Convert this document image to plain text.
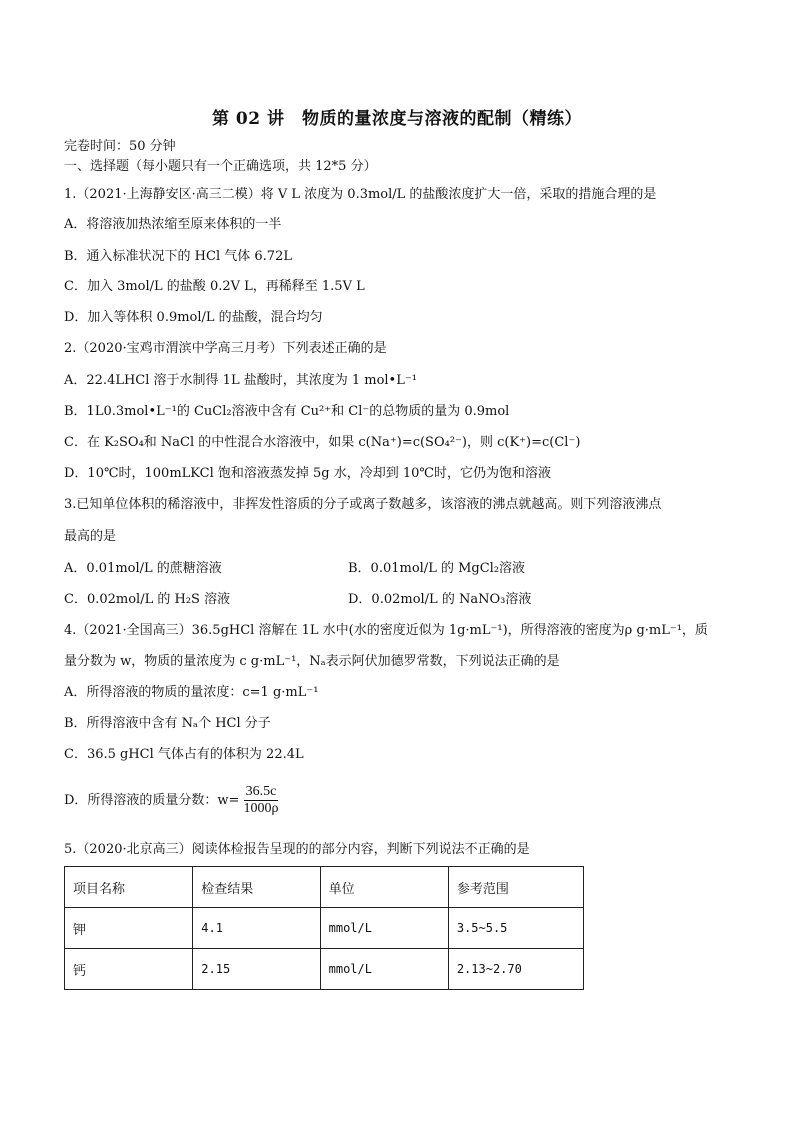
第 02 讲　物质的量浓度与溶液的配制（精练）
完卷时间：50 分钟
一、选择题（每小题只有一个正确选项，共 12*5 分）
1.（2021·上海静安区·高三二模）将 V L 浓度为 0.3mol/L 的盐酸浓度扩大一倍，采取的措施合理的是
A．将溶液加热浓缩至原来体积的一半
B．通入标准状况下的 HCl 气体 6.72L
C．加入 3mol/L 的盐酸 0.2V L，再稀释至 1.5V L
D．加入等体积 0.9mol/L 的盐酸，混合均匀
2.（2020·宝鸡市渭滨中学高三月考）下列表述正确的是
A．22.4LHCl 溶于水制得 1L 盐酸时，其浓度为 1 mol•L⁻¹
B．1L0.3mol•L⁻¹的 CuCl₂溶液中含有 Cu²⁺和 Cl⁻的总物质的量为 0.9mol
C．在 K₂SO₄和 NaCl 的中性混合水溶液中，如果 c(Na⁺)=c(SO₄²⁻)，则 c(K⁺)=c(Cl⁻)
D．10℃时，100mLKCl 饱和溶液蒸发掉 5g 水，冷却到 10℃时，它仍为饱和溶液
3.已知单位体积的稀溶液中，非挥发性溶质的分子或离子数越多，该溶液的沸点就越高。则下列溶液沸点
最高的是
A．0.01mol/L 的蔗糖溶液	B．0.01mol/L 的 MgCl₂溶液
C．0.02mol/L 的 H₂S 溶液	D．0.02mol/L 的 NaNO₃溶液
4.（2021·全国高三）36.5gHCl 溶解在 1L 水中(水的密度近似为 1g·mL⁻¹)，所得溶液的密度为ρ g·mL⁻¹，质
量分数为 w，物质的量浓度为 c g·mL⁻¹，Nₐ表示阿伏加德罗常数，下列说法正确的是
A．所得溶液的物质的量浓度：c=1 g·mL⁻¹
B．所得溶液中含有 Nₐ个 HCl 分子
C．36.5 gHCl 气体占有的体积为 22.4L
D．所得溶液的质量分数：$w= \frac{36.5c}{1000\rho}$
5.（2020·北京高三）阅读体检报告呈现的的部分内容，判断下列说法不正确的是
项目名称	检查结果	单位	参考范围
钾	4.1	mmol/L	3.5~5.5
钙	2.15	mmol/L	2.13~2.70
